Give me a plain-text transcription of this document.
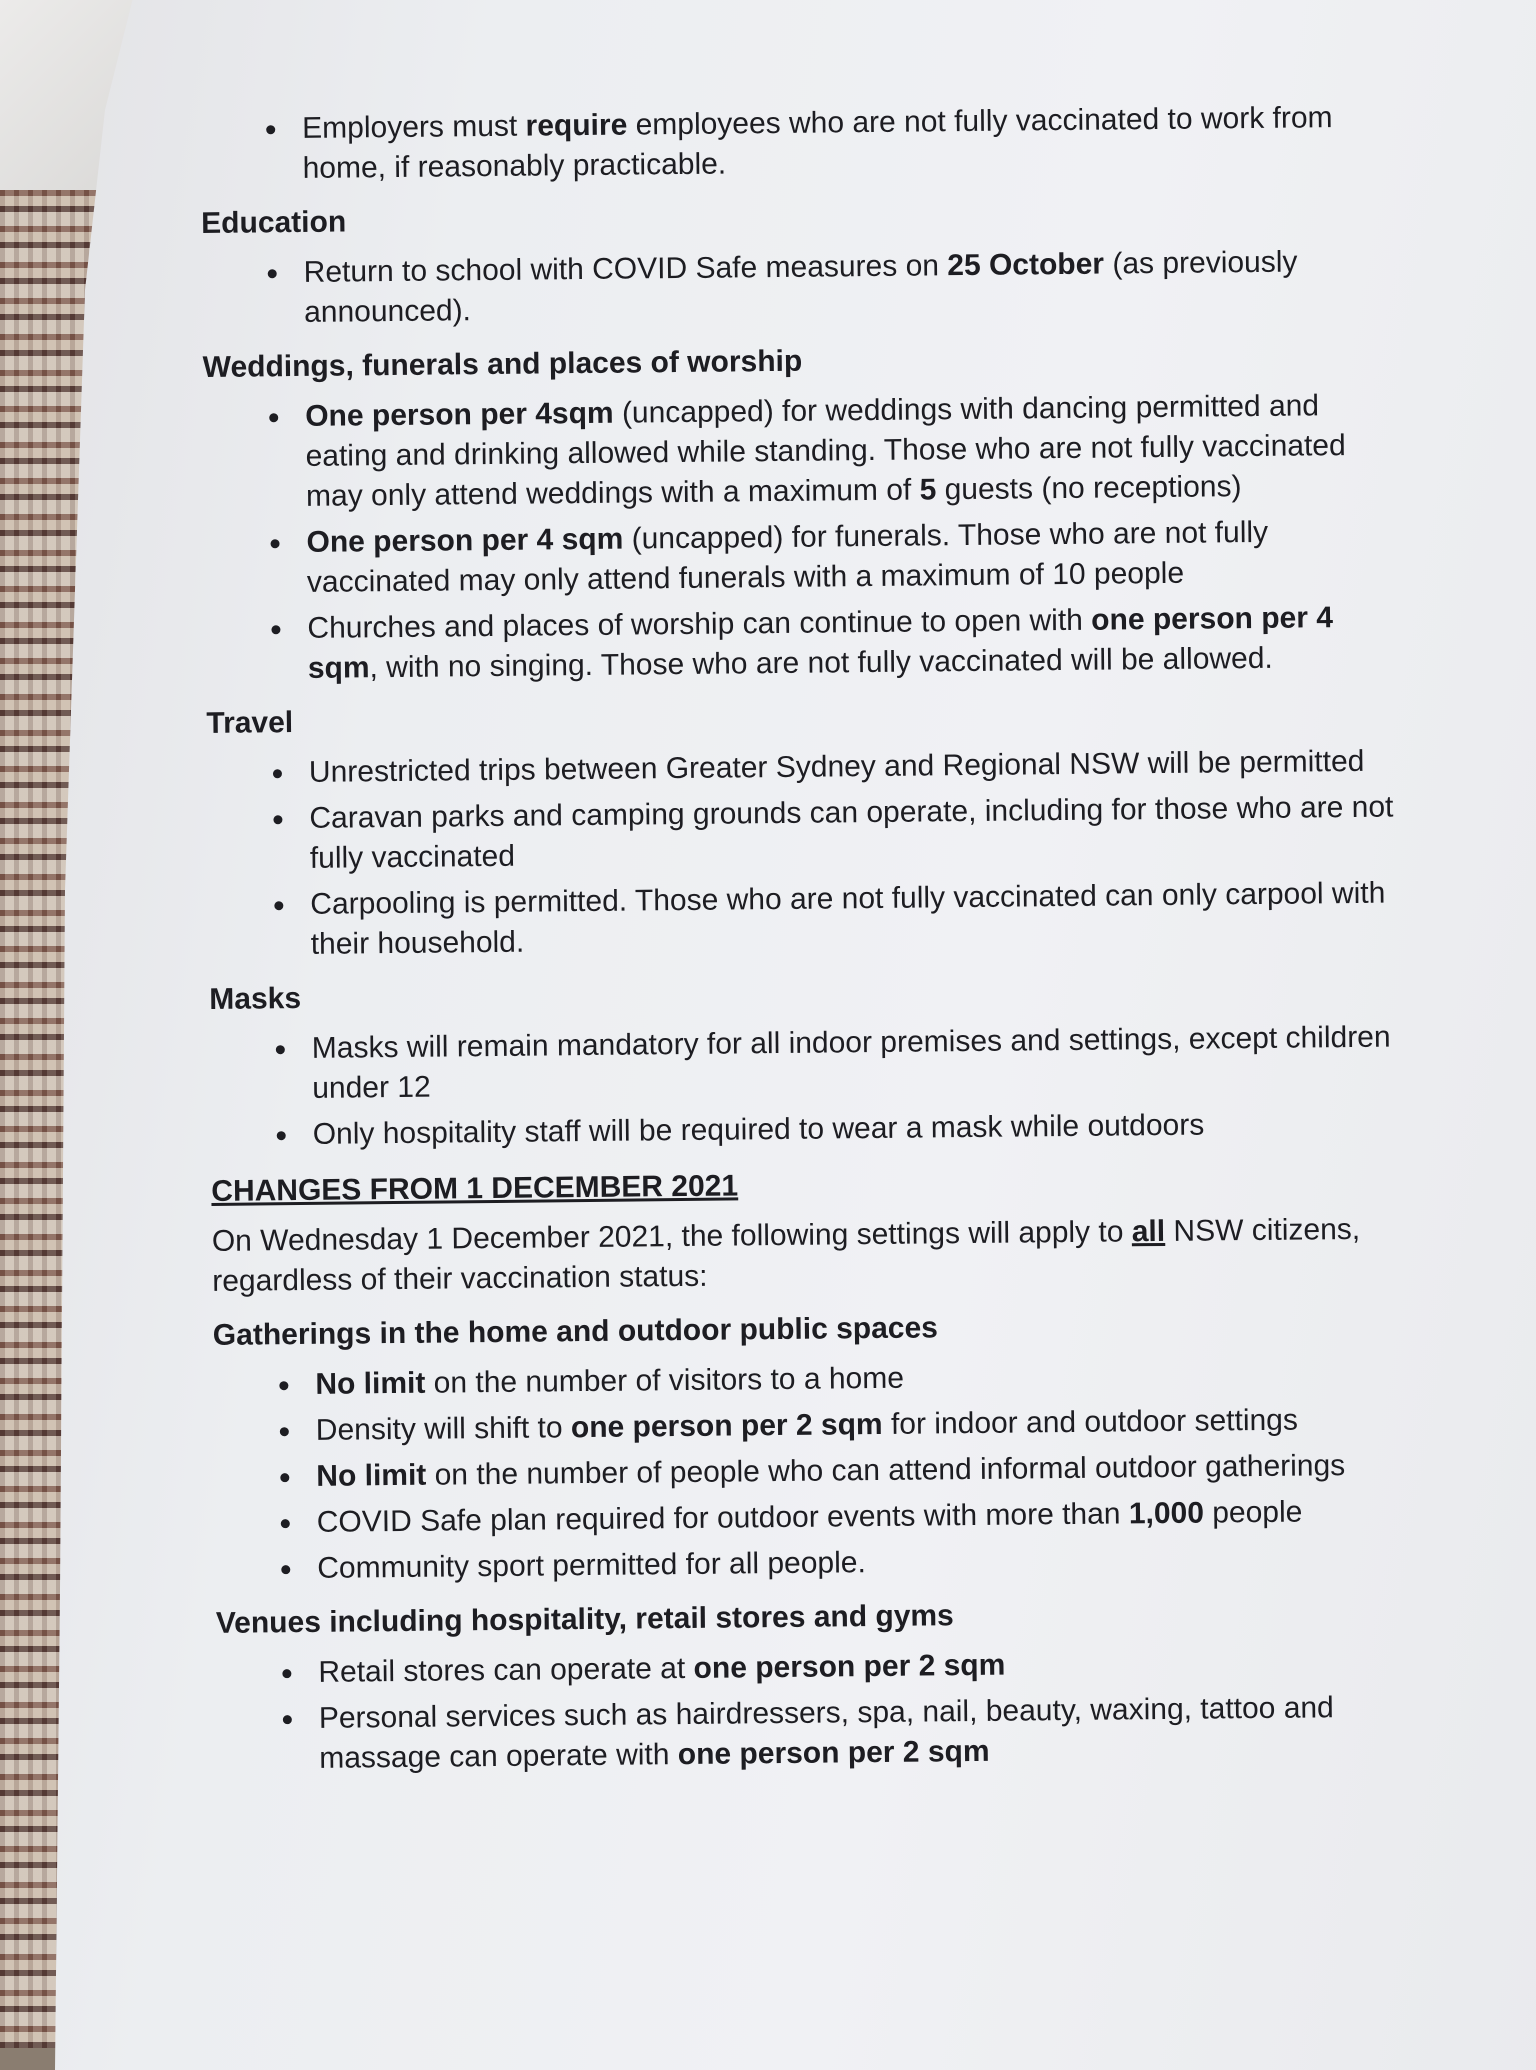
• Employers must require employees who are not fully vaccinated to work from home, if reasonably practicable.
Education
• Return to school with COVID Safe measures on 25 October (as previously announced).
Weddings, funerals and places of worship
• One person per 4sqm (uncapped) for weddings with dancing permitted and eating and drinking allowed while standing. Those who are not fully vaccinated may only attend weddings with a maximum of 5 guests (no receptions)
• One person per 4 sqm (uncapped) for funerals. Those who are not fully vaccinated may only attend funerals with a maximum of 10 people
• Churches and places of worship can continue to open with one person per 4 sqm, with no singing. Those who are not fully vaccinated will be allowed.
Travel
• Unrestricted trips between Greater Sydney and Regional NSW will be permitted
• Caravan parks and camping grounds can operate, including for those who are not fully vaccinated
• Carpooling is permitted. Those who are not fully vaccinated can only carpool with their household.
Masks
• Masks will remain mandatory for all indoor premises and settings, except children under 12
• Only hospitality staff will be required to wear a mask while outdoors
CHANGES FROM 1 DECEMBER 2021

On Wednesday 1 December 2021, the following settings will apply to all NSW citizens, regardless of their vaccination status:

Gatherings in the home and outdoor public spaces
• No limit on the number of visitors to a home
• Density will shift to one person per 2 sqm for indoor and outdoor settings
• No limit on the number of people who can attend informal outdoor gatherings
• COVID Safe plan required for outdoor events with more than 1,000 people
• Community sport permitted for all people.
Venues including hospitality, retail stores and gyms
• Retail stores can operate at one person per 2 sqm
• Personal services such as hairdressers, spa, nail, beauty, waxing, tattoo and massage can operate with one person per 2 sqm
